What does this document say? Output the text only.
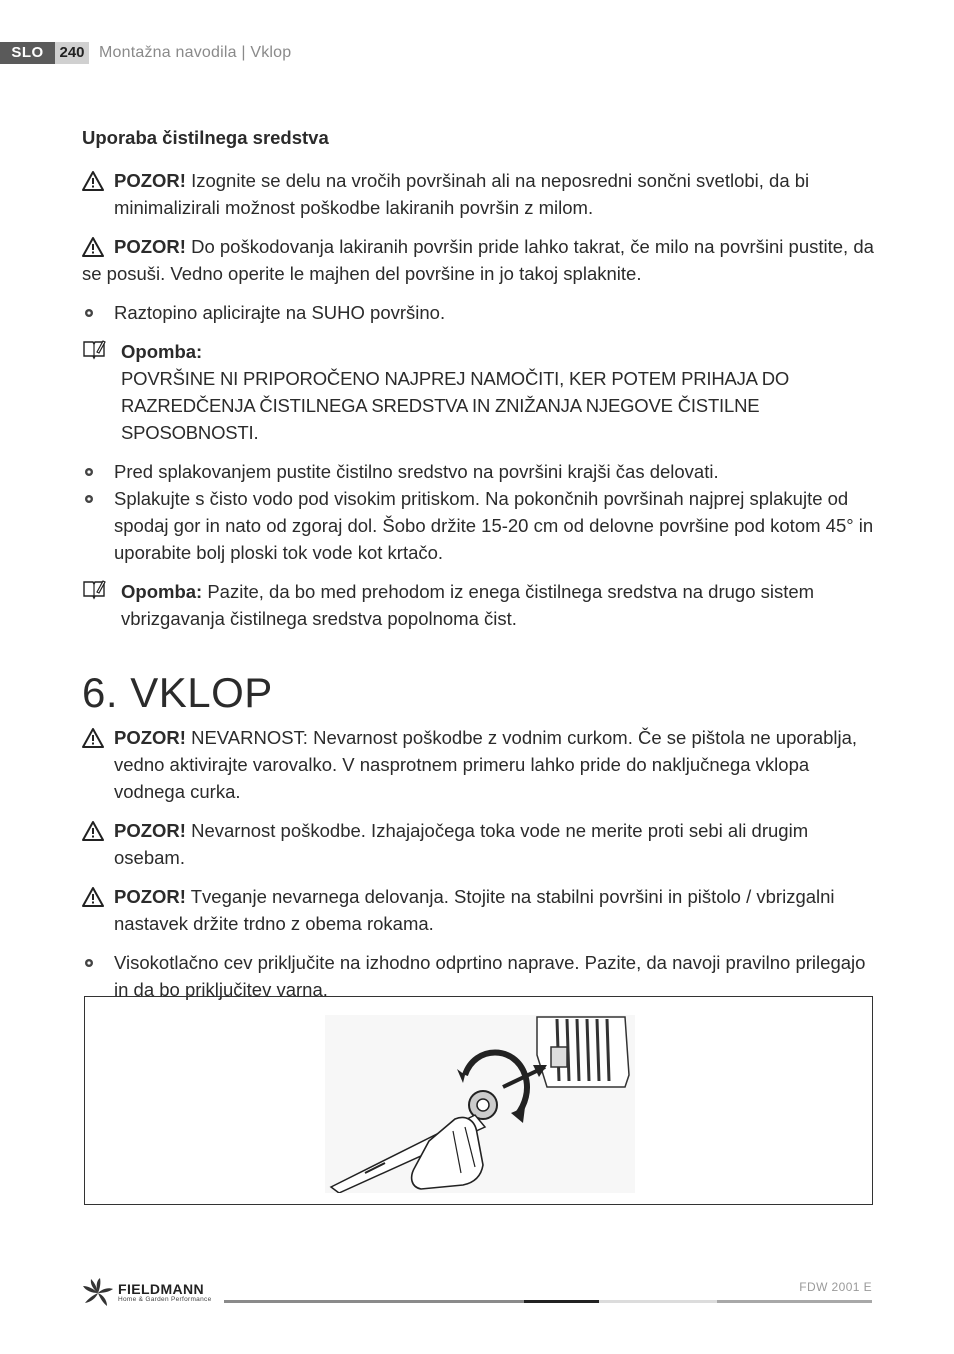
SLO	240 Montažna navodila | Vklop
Uporaba čistilnega sredstva

POZOR! Izognite se delu na vročih površinah ali na neposredni sončni svetlobi, da bi minimalizirali možnost poškodbe lakiranih površin z milom.

POZOR! Do poškodovanja lakiranih površin pride lahko takrat, če milo na površini pustite, da se posuši. Vedno operite le majhen del površine in jo takoj splaknite.

Raztopino aplicirajte na SUHO površino.

Opomba:
POVRŠINE NI PRIPOROČENO NAJPREJ NAMOČITI, KER POTEM PRIHAJA DO RAZREDČENJA ČISTILNEGA SREDSTVA IN ZNIŽANJA NJEGOVE ČISTILNE SPOSOBNOSTI.

Pred splakovanjem pustite čistilno sredstvo na površini krajši čas delovati.

Splakujte s čisto vodo pod visokim pritiskom. Na pokončnih površinah najprej splakujte od spodaj gor in nato od zgoraj dol. Šobo držite 15-20 cm od delovne površine pod kotom 45° in uporabite bolj ploski tok vode kot krtačo.

Opomba: Pazite, da bo med prehodom iz enega čistilnega sredstva na drugo sistem vbrizgavanja čistilnega sredstva popolnoma čist.
6. VKLOP

POZOR! NEVARNOST: Nevarnost poškodbe z vodnim curkom. Če se pištola ne uporablja, vedno aktivirajte varovalko. V nasprotnem primeru lahko pride do naključnega vklopa vodnega curka.

POZOR! Nevarnost poškodbe. Izhajajočega toka vode ne merite proti sebi ali drugim osebam.

POZOR! Tveganje nevarnega delovanja. Stojite na stabilni površini in pištolo / vbrizgalni nastavek držite trdno z obema rokama.

Visokotlačno cev priključite na izhodno odprtino naprave. Pazite, da navoji pravilno prilegajo in da bo priključitev varna.

FIELDMANN
Home & Garden Performance
FDW 2001 E
